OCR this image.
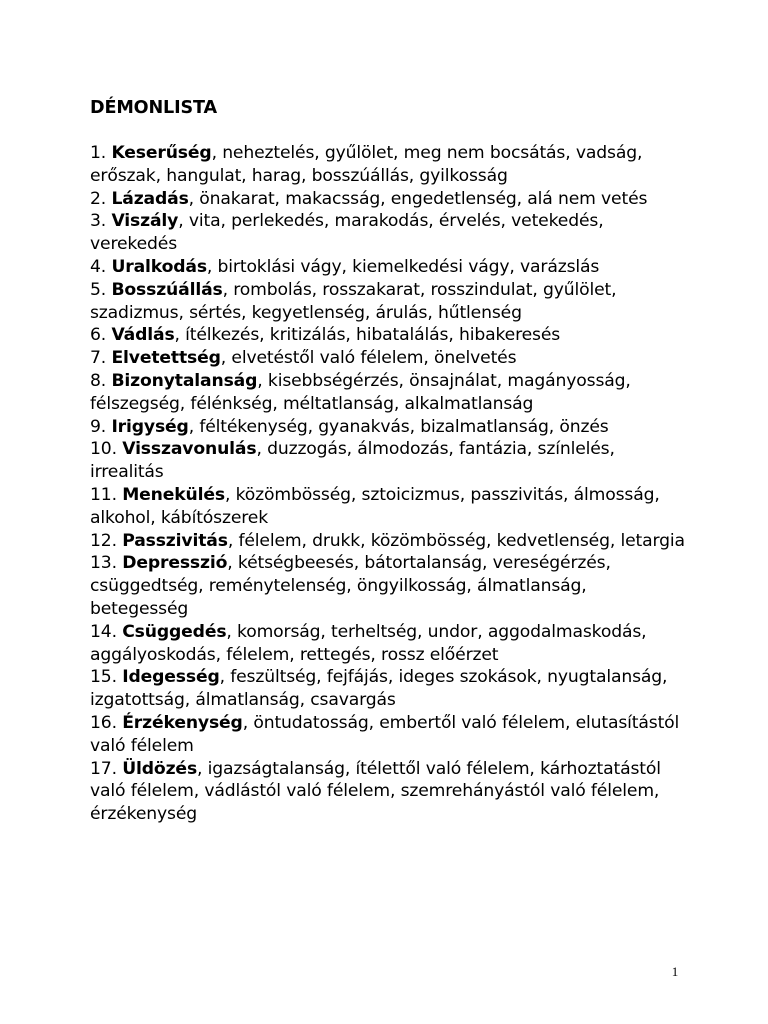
DÉMONLISTA

1. Keserűség, neheztelés, gyűlölet, meg nem bocsátás, vadság, erőszak, hangulat, harag, bosszúállás, gyilkosság

2. Lázadás, önakarat, makacsság, engedetlenség, alá nem vetés

3. Viszály, vita, perlekedés, marakodás, érvelés, vetekedés, verekedés

4. Uralkodás, birtoklási vágy, kiemelkedési vágy, varázslás

5. Bosszúállás, rombolás, rosszakarat, rosszindulat, gyűlölet, szadizmus, sértés, kegyetlenség, árulás, hűtlenség

6. Vádlás, ítélkezés, kritizálás, hibatalálás, hibakeresés

7. Elvetettség, elvetéstől való félelem, önelvetés

8. Bizonytalanság, kisebbségérzés, önsajnálat, magányosság, félszegség, félénkség, méltatlanság, alkalmatlanság

9. Irigység, féltékenység, gyanakvás, bizalmatlanság, önzés

10. Visszavonulás, duzzogás, álmodozás, fantázia, színlelés, irrealitás

11. Menekülés, közömbösség, sztoicizmus, passzivitás, álmosság, alkohol, kábítószerek

12. Passzivitás, félelem, drukk, közömbösség, kedvetlenség, letargia

13. Depresszió, kétségbeesés, bátortalanság, vereségérzés, csüggedtség, reménytelenség, öngyilkosság, álmatlanság, betegesség

14. Csüggedés, komorság, terheltség, undor, aggodalmaskodás, aggályoskodás, félelem, rettegés, rossz előérzet

15. Idegesség, feszültség, fejfájás, ideges szokások, nyugtalanság, izgatottság, álmatlanság, csavargás

16. Érzékenység, öntudatosság, embertől való félelem, elutasítástól való félelem

17. Üldözés, igazságtalanság, ítélettől való félelem, kárhoztatástól való félelem, vádlástól való félelem, szemrehányástól való félelem, érzékenység

1
